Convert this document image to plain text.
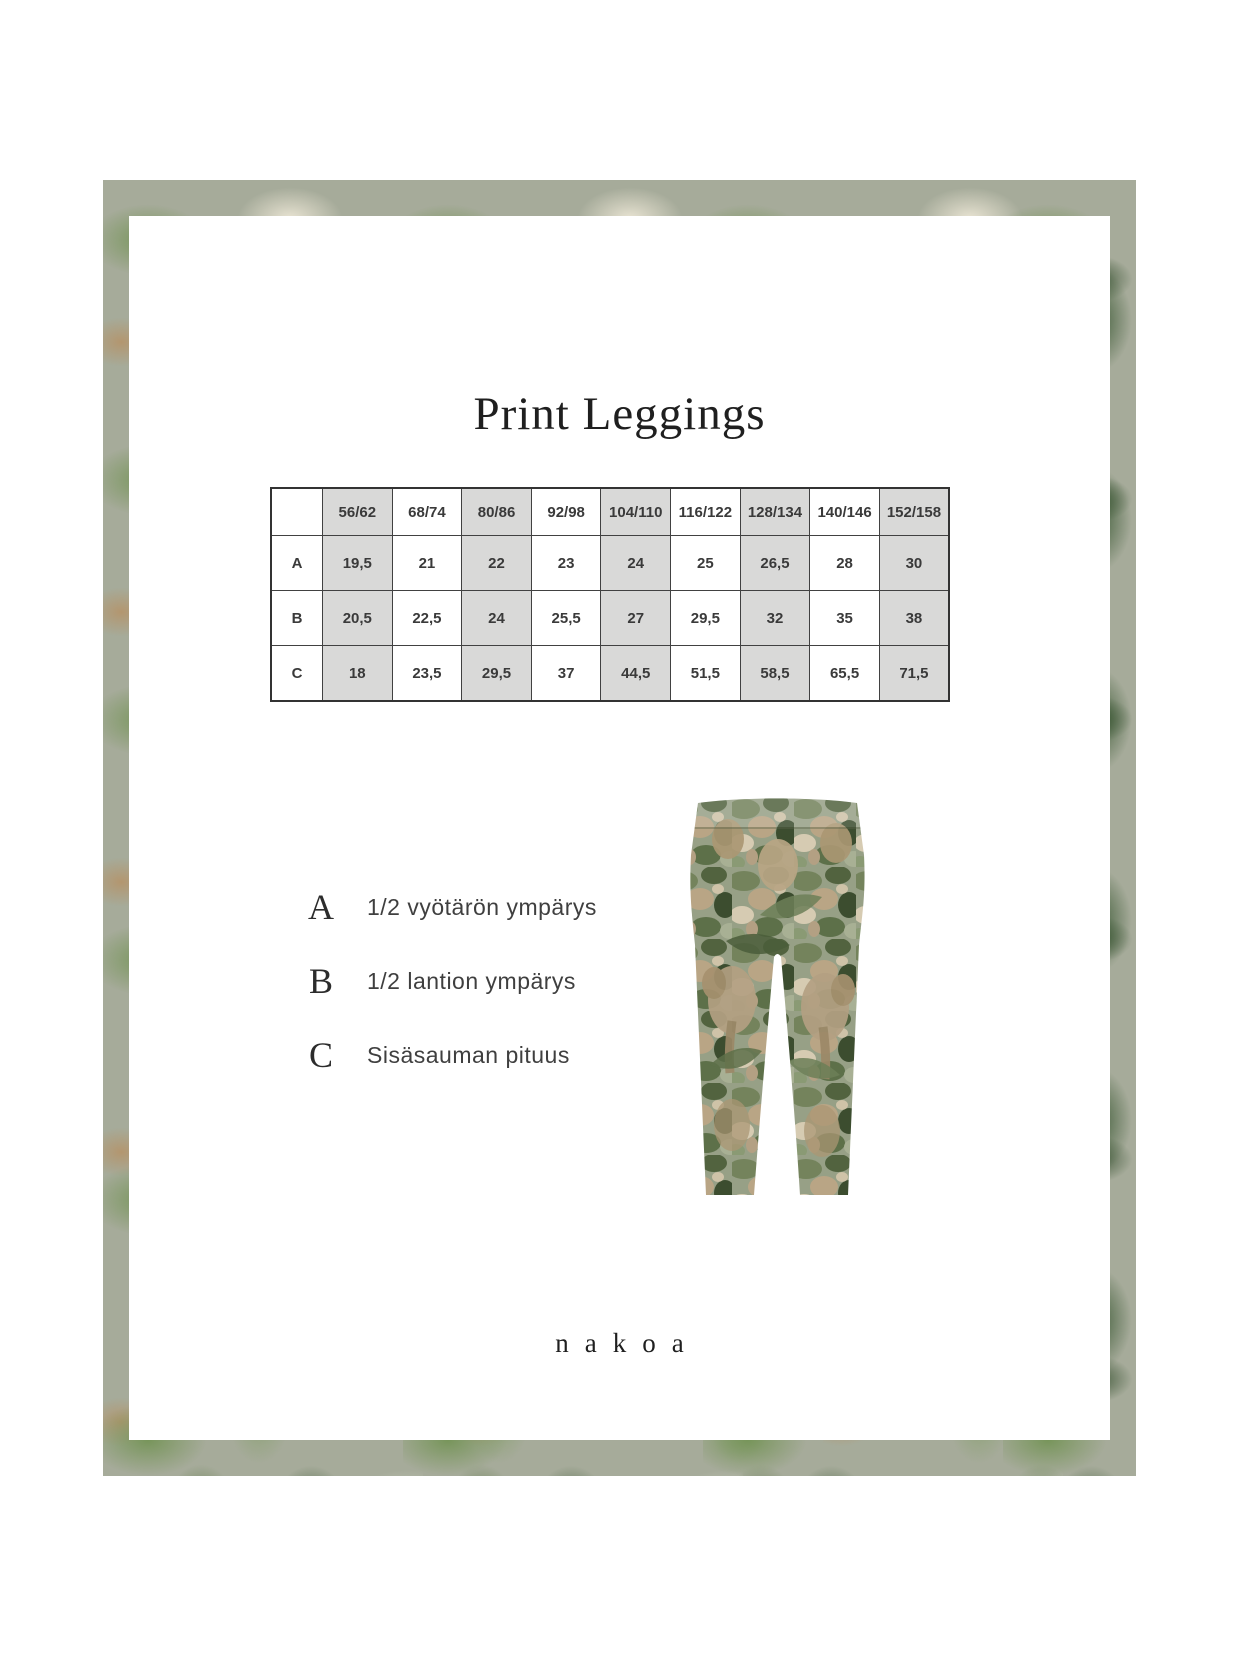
Print Leggings
	56/62	68/74	80/86	92/98	104/110	116/122	128/134	140/146	152/158
A	19,5	21	22	23	24	25	26,5	28	30
B	20,5	22,5	24	25,5	27	29,5	32	35	38
C	18	23,5	29,5	37	44,5	51,5	58,5	65,5	71,5
A	1/2 vyötärön ympärys
B	1/2 lantion ympärys
C	Sisäsauman pituus
nakoa
